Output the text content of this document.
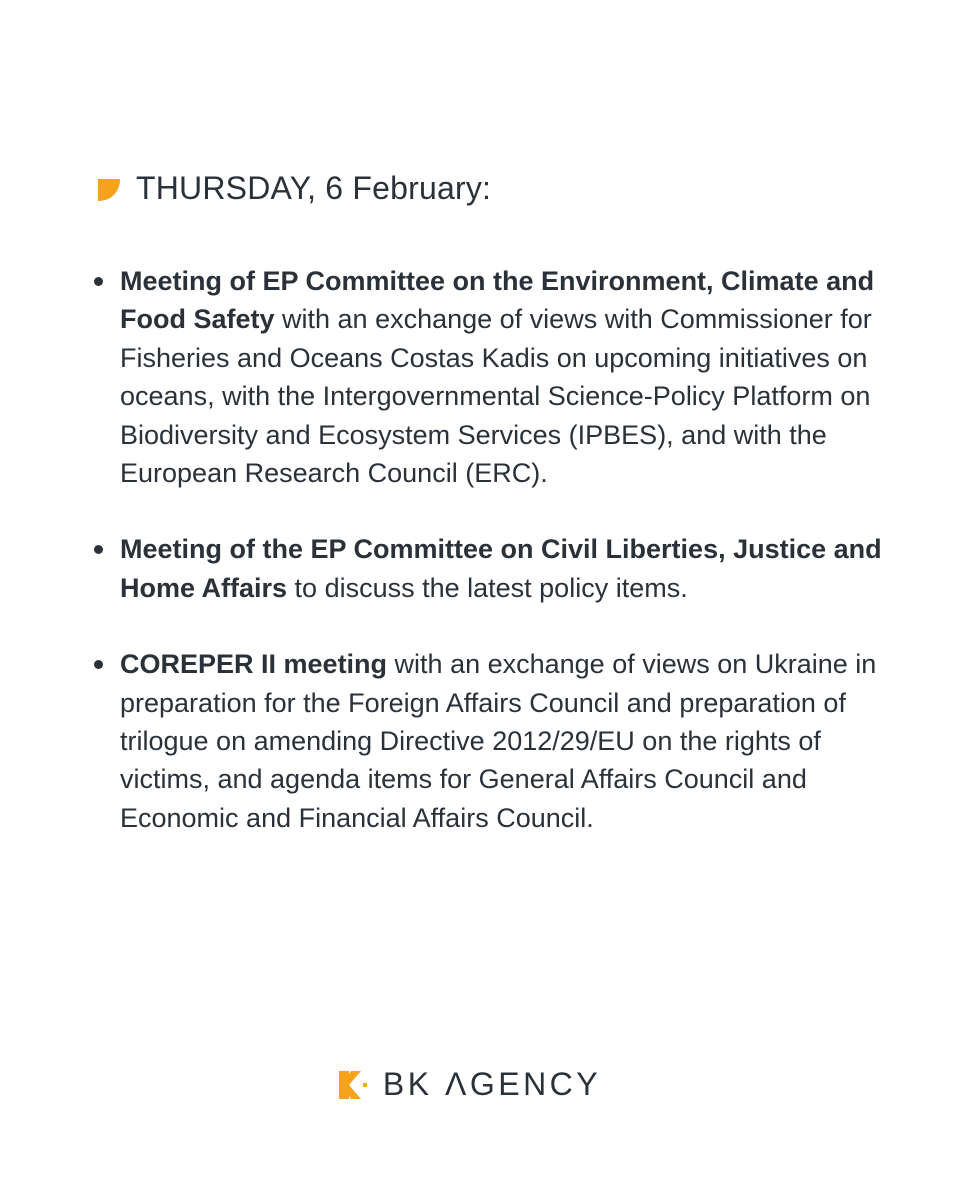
THURSDAY, 6 February:
Meeting of EP Committee on the Environment, Climate and Food Safety with an exchange of views with Commissioner for Fisheries and Oceans Costas Kadis on upcoming initiatives on oceans, with the Intergovernmental Science-Policy Platform on Biodiversity and Ecosystem Services (IPBES), and with the European Research Council (ERC).
Meeting of the EP Committee on Civil Liberties, Justice and Home Affairs to discuss the latest policy items.
COREPER II meeting with an exchange of views on Ukraine in preparation for the Foreign Affairs Council and preparation of trilogue on amending Directive 2012/29/EU on the rights of victims, and agenda items for General Affairs Council and Economic and Financial Affairs Council.
BK ΛGENCY
